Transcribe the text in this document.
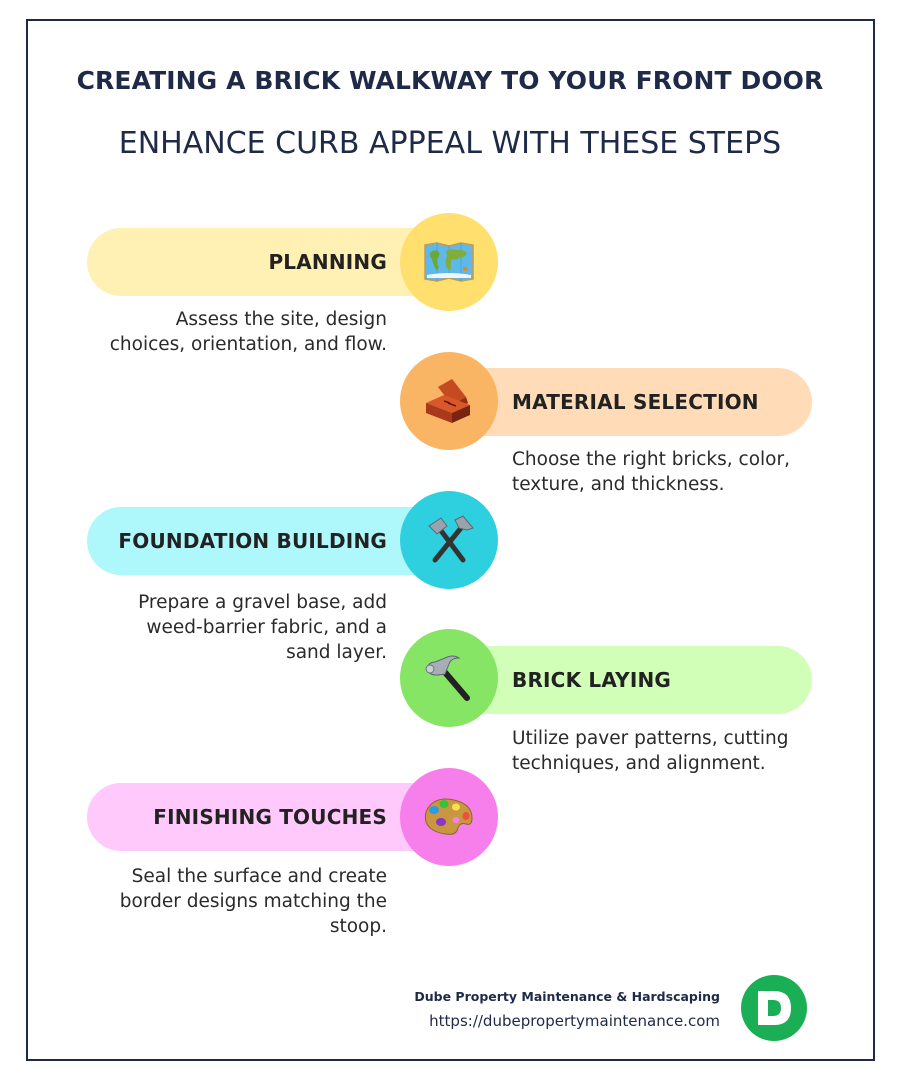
CREATING A BRICK WALKWAY TO YOUR FRONT DOOR
ENHANCE CURB APPEAL WITH THESE STEPS
PLANNING
Assess the site, design
choices, orientation, and flow.
MATERIAL SELECTION
Choose the right bricks, color,
texture, and thickness.
FOUNDATION BUILDING
Prepare a gravel base, add
weed-barrier fabric, and a
sand layer.
BRICK LAYING
Utilize paver patterns, cutting
techniques, and alignment.
FINISHING TOUCHES
Seal the surface and create
border designs matching the
stoop.
Dube Property Maintenance & Hardscaping
https://dubepropertymaintenance.com
